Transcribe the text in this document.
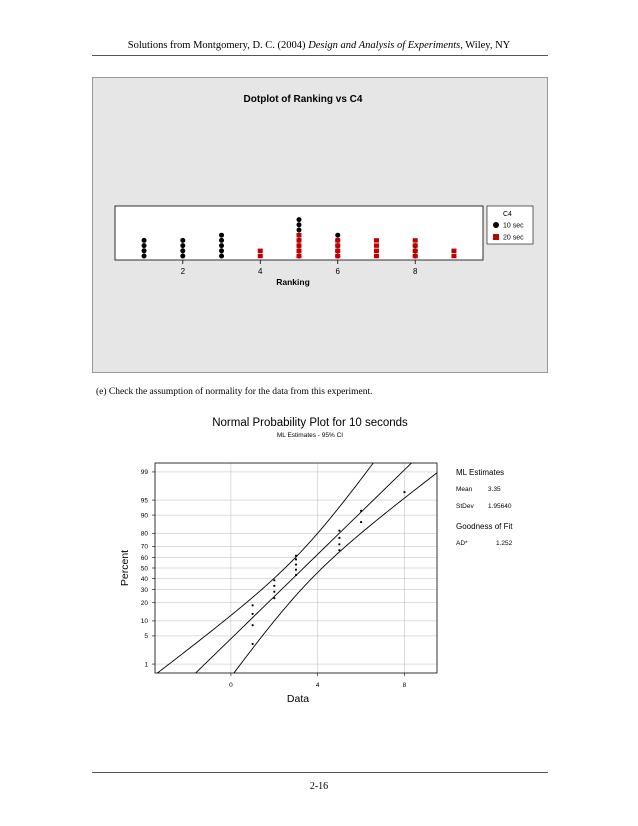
Solutions from Montgomery, D. C. (2004) Design and Analysis of Experiments, Wiley, NY
Dotplot of Ranking vs C4
2	4	6	8
Ranking
C4
10 sec
20 sec
(e) Check the assumption of normality for the data from this experiment.
Normal Probability Plot for 10 seconds
ML Estimates - 95% CI
1
5
10
20
30
40
50
60
70
80
90
95
99
0	4	8
Data
Percent
ML Estimates
Mean 3.35
StDev 1.95640
Goodness of Fit
AD*	1.252
2-16
